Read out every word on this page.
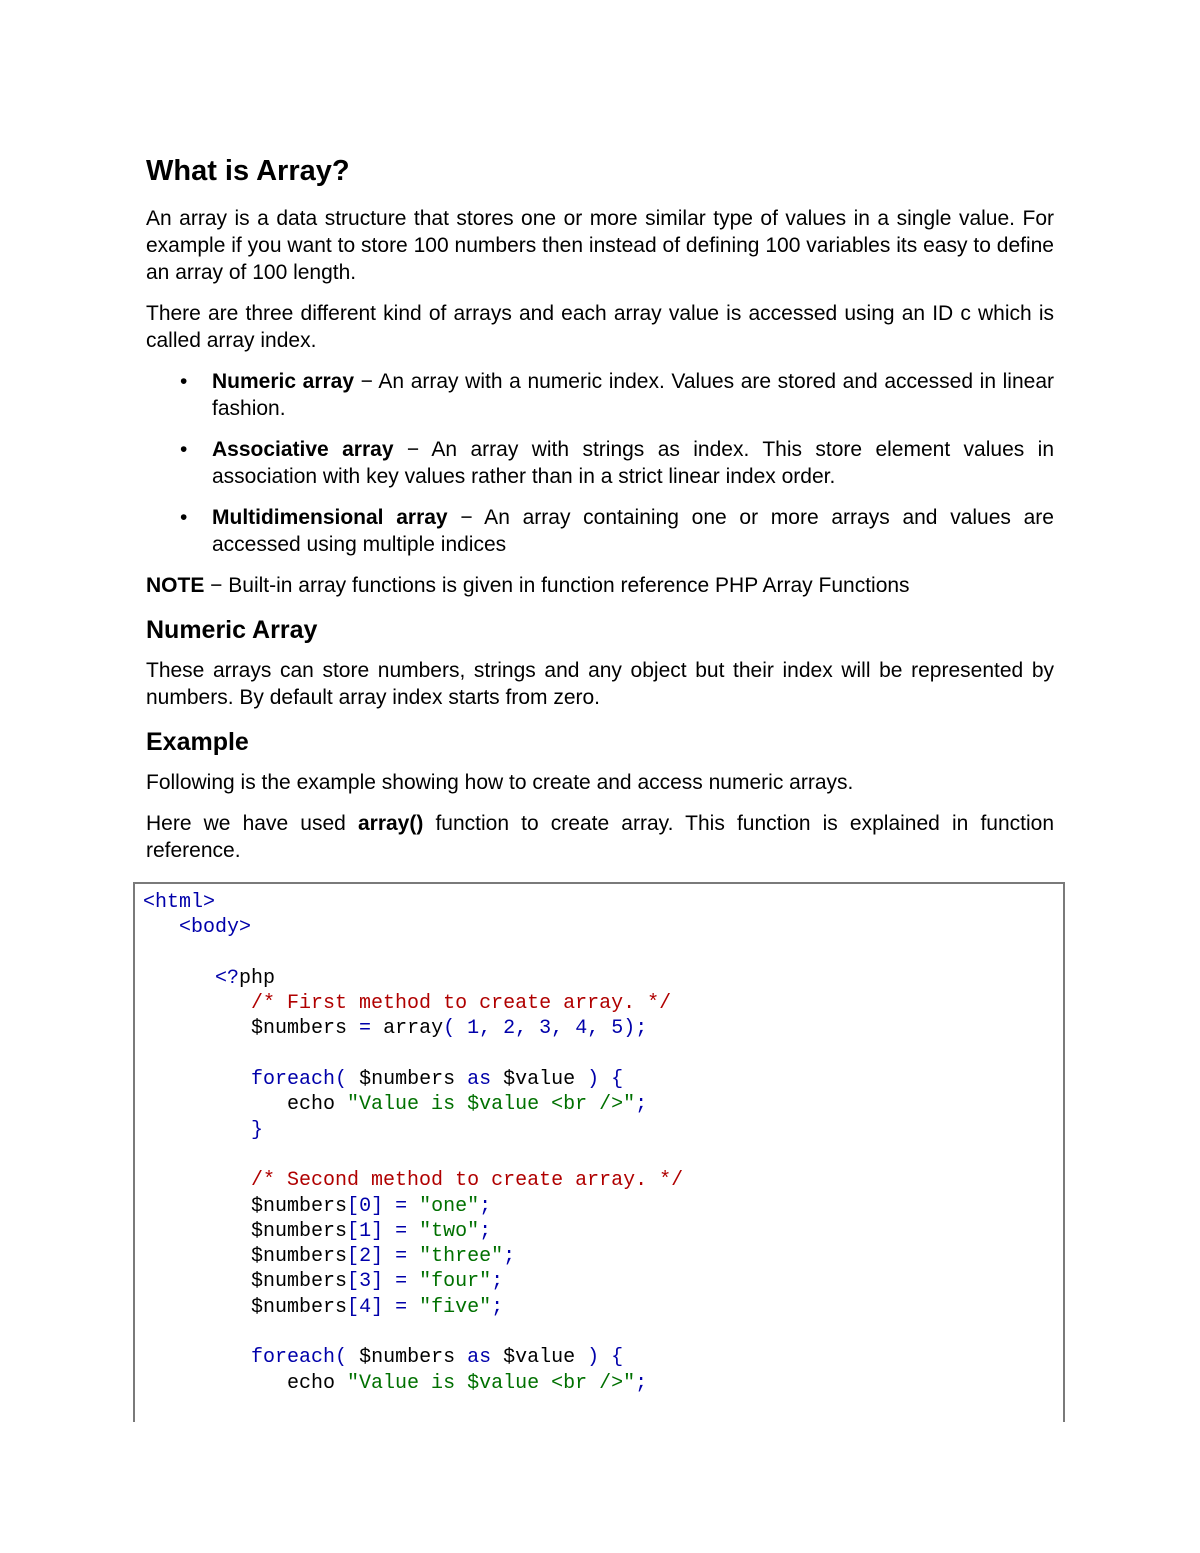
What is Array?

An array is a data structure that stores one or more similar type of values in a single value. For example if you want to store 100 numbers then instead of defining 100 variables its easy to define an array of 100 length.

There are three different kind of arrays and each array value is accessed using an ID c which is called array index.

• Numeric array − An array with a numeric index. Values are stored and accessed in linear fashion.
• Associative array − An array with strings as index. This store element values in association with key values rather than in a strict linear index order.
• Multidimensional array − An array containing one or more arrays and values are accessed using multiple indices

NOTE − Built-in array functions is given in function reference PHP Array Functions

Numeric Array

These arrays can store numbers, strings and any object but their index will be represented by numbers. By default array index starts from zero.

Example

Following is the example showing how to create and access numeric arrays.

Here we have used array() function to create array. This function is explained in function reference.

<html>
<body>
<?php
/* First method to create array. */
$numbers = array( 1, 2, 3, 4, 5);
foreach( $numbers as $value ) {
echo "Value is $value <br />";
}
/* Second method to create array. */
$numbers[0] = "one";
$numbers[1] = "two";
$numbers[2] = "three";
$numbers[3] = "four";
$numbers[4] = "five";
foreach( $numbers as $value ) {
echo "Value is $value <br />";
